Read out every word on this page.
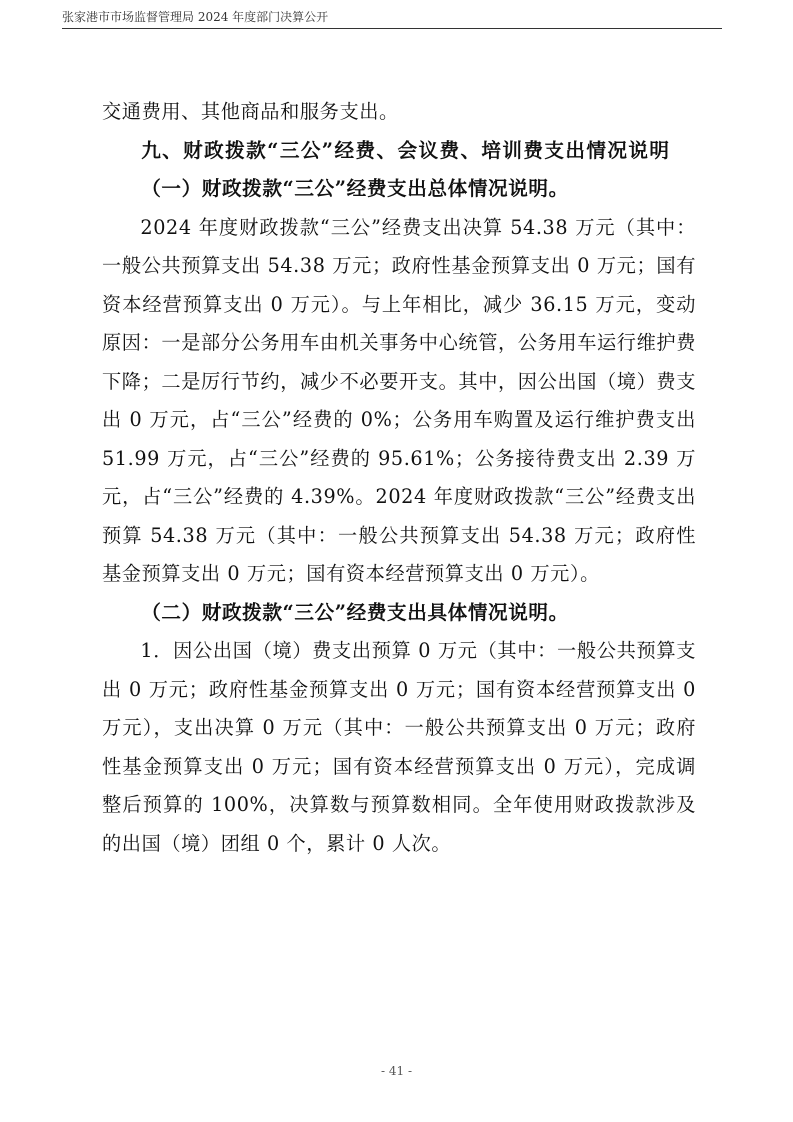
张家港市市场监督管理局 2024 年度部门决算公开

交通费用、其他商品和服务支出。

九、财政拨款“三公”经费、会议费、培训费支出情况说明
（一）财政拨款“三公”经费支出总体情况说明。

2024 年度财政拨款“三公”经费支出决算 54.38 万元（其中：一般公共预算支出 54.38 万元；政府性基金预算支出 0 万元；国有资本经营预算支出 0 万元）。与上年相比，减少 36.15 万元，变动原因：一是部分公务用车由机关事务中心统管，公务用车运行维护费下降；二是厉行节约，减少不必要开支。其中，因公出国（境）费支出 0 万元，占“三公”经费的 0%；公务用车购置及运行维护费支出 51.99 万元，占“三公”经费的 95.61%；公务接待费支出 2.39 万元，占“三公”经费的 4.39%。2024 年度财政拨款“三公”经费支出预算 54.38 万元（其中：一般公共预算支出 54.38 万元；政府性基金预算支出 0 万元；国有资本经营预算支出 0 万元）。

（二）财政拨款“三公”经费支出具体情况说明。

1．因公出国（境）费支出预算 0 万元（其中：一般公共预算支出 0 万元；政府性基金预算支出 0 万元；国有资本经营预算支出 0 万元），支出决算 0 万元（其中：一般公共预算支出 0 万元；政府性基金预算支出 0 万元；国有资本经营预算支出 0 万元），完成调整后预算的 100%，决算数与预算数相同。全年使用财政拨款涉及的出国（境）团组 0 个，累计 0 人次。

- 41 -
